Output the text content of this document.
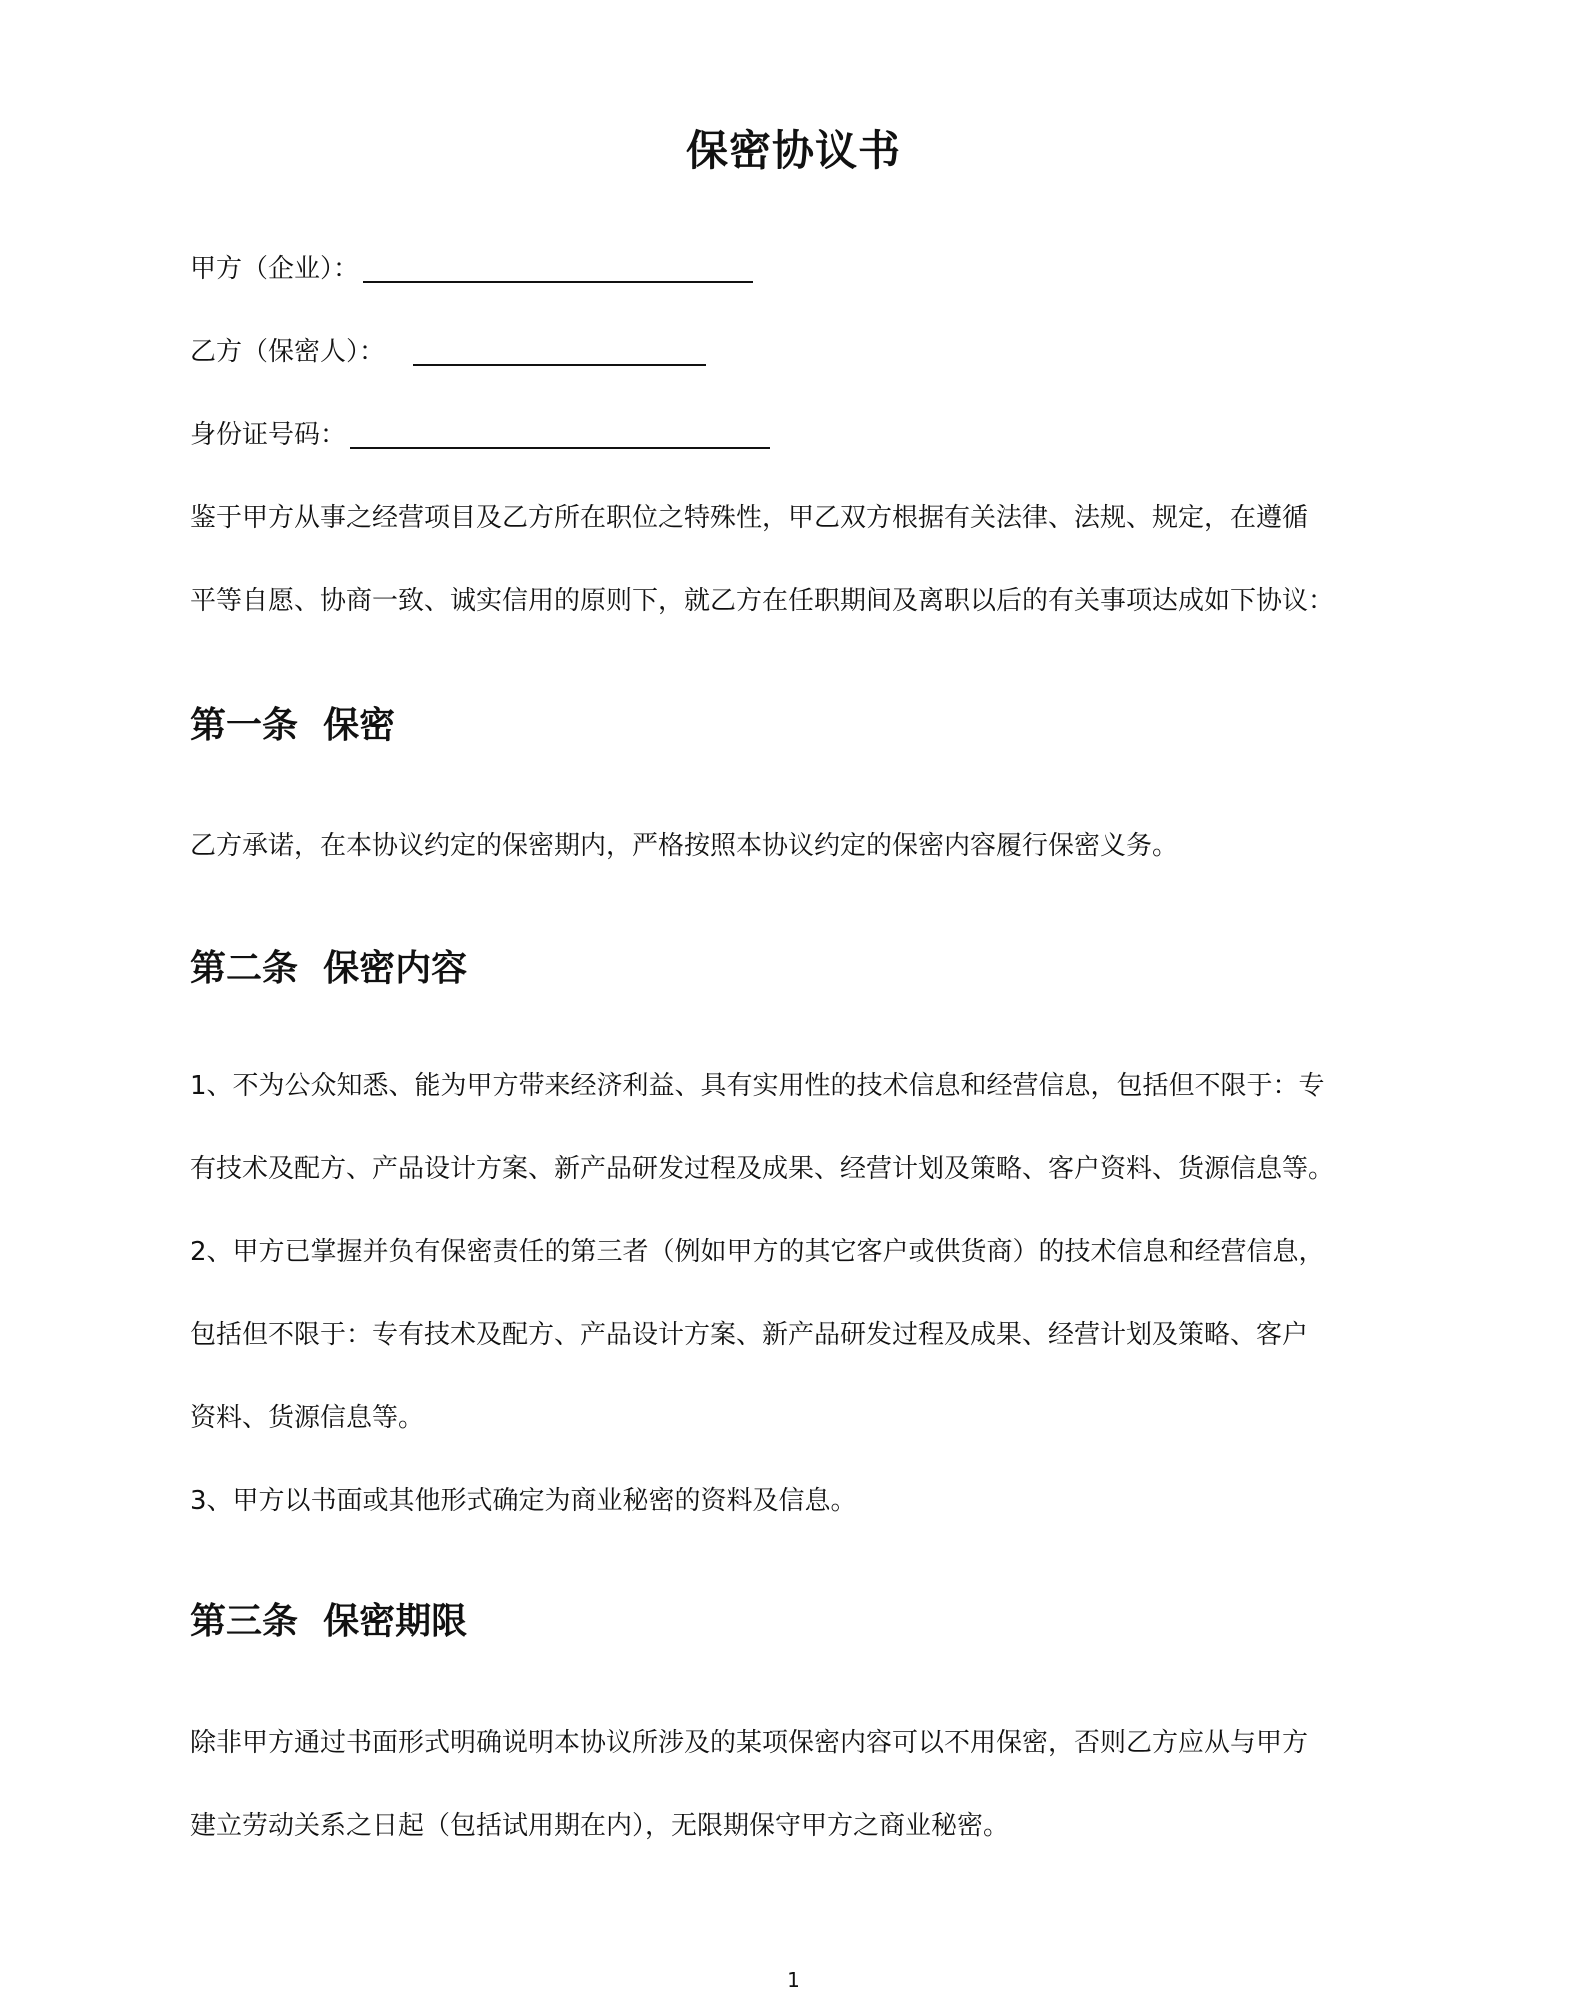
保密协议书
甲方（企业）：
乙方（保密人）：
身份证号码：
鉴于甲方从事之经营项目及乙方所在职位之特殊性，甲乙双方根据有关法律、法规、规定，在遵循
平等自愿、协商一致、诚实信用的原则下，就乙方在任职期间及离职以后的有关事项达成如下协议：
第一条  保密
乙方承诺，在本协议约定的保密期内，严格按照本协议约定的保密内容履行保密义务。
第二条  保密内容
1、不为公众知悉、能为甲方带来经济利益、具有实用性的技术信息和经营信息，包括但不限于：专
有技术及配方、产品设计方案、新产品研发过程及成果、经营计划及策略、客户资料、货源信息等。
2、甲方已掌握并负有保密责任的第三者（例如甲方的其它客户或供货商）的技术信息和经营信息，
包括但不限于：专有技术及配方、产品设计方案、新产品研发过程及成果、经营计划及策略、客户
资料、货源信息等。
3、甲方以书面或其他形式确定为商业秘密的资料及信息。
第三条  保密期限
除非甲方通过书面形式明确说明本协议所涉及的某项保密内容可以不用保密，否则乙方应从与甲方
建立劳动关系之日起（包括试用期在内），无限期保守甲方之商业秘密。
1
